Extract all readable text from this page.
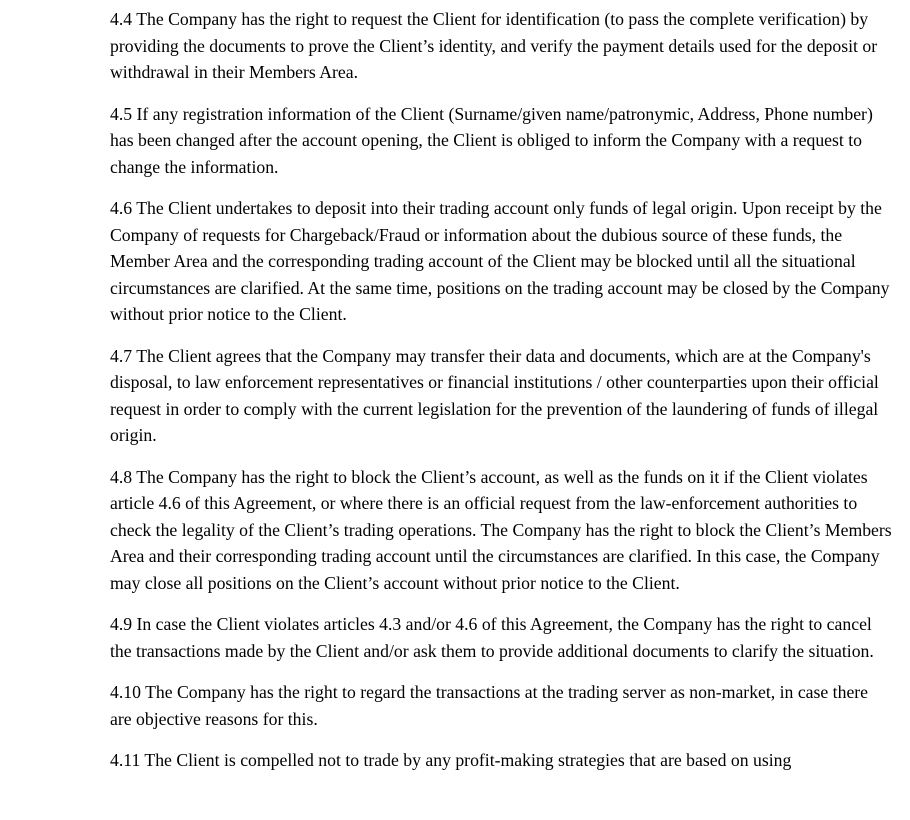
4.4 The Company has the right to request the Client for identification (to pass the complete verification) by providing the documents to prove the Client’s identity, and verify the payment details used for the deposit or withdrawal in their Members Area.

4.5 If any registration information of the Client (Surname/given name/patronymic, Address, Phone number) has been changed after the account opening, the Client is obliged to inform the Company with a request to change the information.

4.6 The Client undertakes to deposit into their trading account only funds of legal origin. Upon receipt by the Company of requests for Chargeback/Fraud or information about the dubious source of these funds, the Member Area and the corresponding trading account of the Client may be blocked until all the situational circumstances are clarified. At the same time, positions on the trading account may be closed by the Company without prior notice to the Client.

4.7 The Client agrees that the Company may transfer their data and documents, which are at the Company's disposal, to law enforcement representatives or financial institutions / other counterparties upon their official request in order to comply with the current legislation for the prevention of the laundering of funds of illegal origin.

4.8 The Company has the right to block the Client’s account, as well as the funds on it if the Client violates article 4.6 of this Agreement, or where there is an official request from the law-enforcement authorities to check the legality of the Client’s trading operations. The Company has the right to block the Client’s Members Area and their corresponding trading account until the circumstances are clarified. In this case, the Company may close all positions on the Client’s account without prior notice to the Client.

4.9 In case the Client violates articles 4.3 and/or 4.6 of this Agreement, the Company has the right to cancel the transactions made by the Client and/or ask them to provide additional documents to clarify the situation.

4.10 The Company has the right to regard the transactions at the trading server as non-market, in case there are objective reasons for this.

4.11 The Client is compelled not to trade by any profit-making strategies that are based on using
